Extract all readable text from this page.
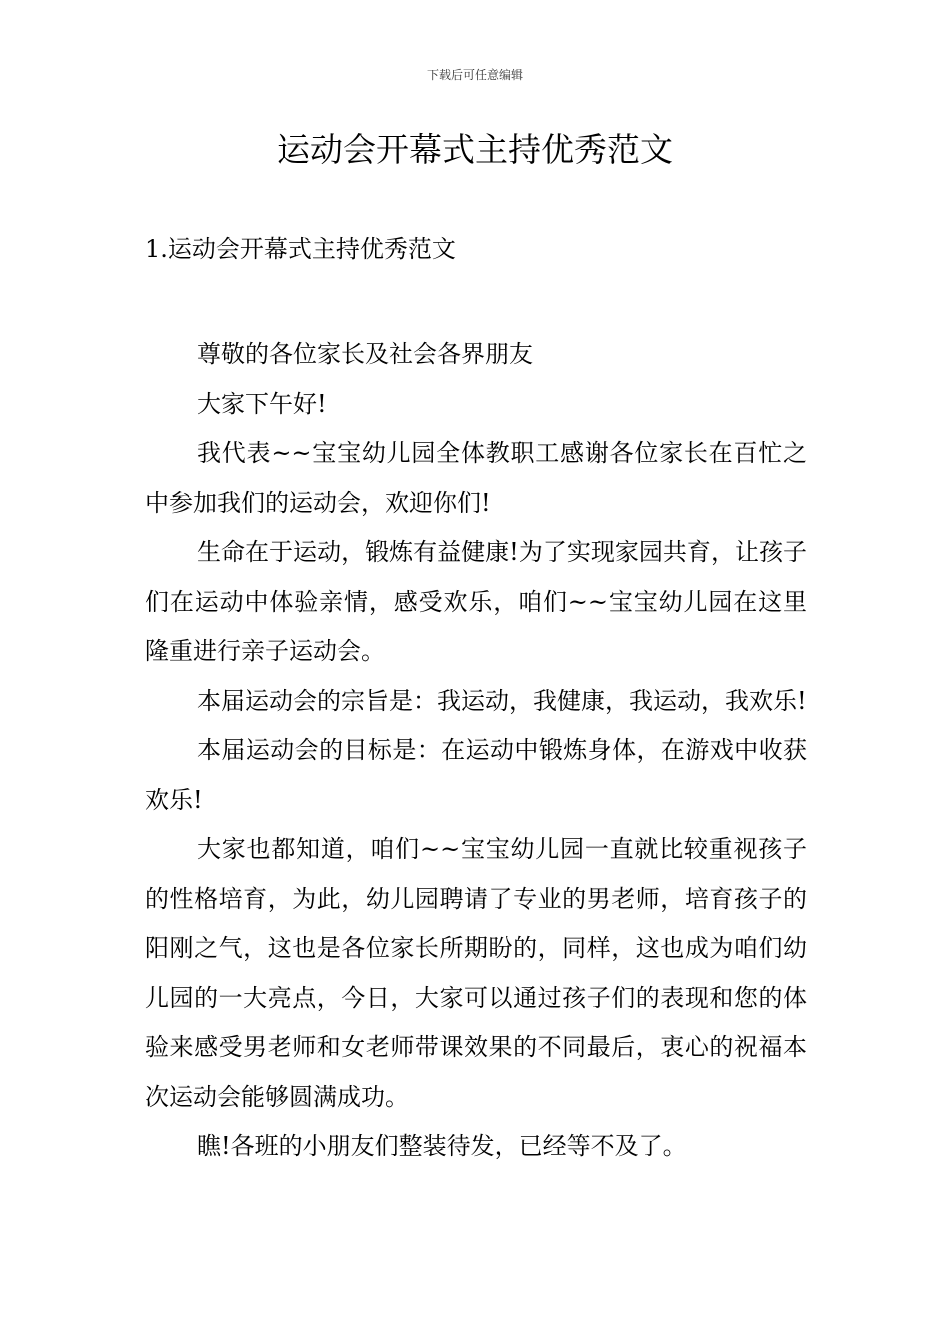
下载后可任意编辑
运动会开幕式主持优秀范文
1.运动会开幕式主持优秀范文

尊敬的各位家长及社会各界朋友

大家下午好!

我代表~~宝宝幼儿园全体教职工感谢各位家长在百忙之中参加我们的运动会，欢迎你们!

生命在于运动，锻炼有益健康!为了实现家园共育，让孩子们在运动中体验亲情，感受欢乐，咱们~~宝宝幼儿园在这里隆重进行亲子运动会。

本届运动会的宗旨是：我运动，我健康，我运动，我欢乐!

本届运动会的目标是：在运动中锻炼身体，在游戏中收获欢乐!

大家也都知道，咱们~~宝宝幼儿园一直就比较重视孩子的性格培育，为此，幼儿园聘请了专业的男老师，培育孩子的阳刚之气，这也是各位家长所期盼的，同样，这也成为咱们幼儿园的一大亮点，今日，大家可以通过孩子们的表现和您的体验来感受男老师和女老师带课效果的不同最后，衷心的祝福本次运动会能够圆满成功。

瞧!各班的小朋友们整装待发，已经等不及了。
